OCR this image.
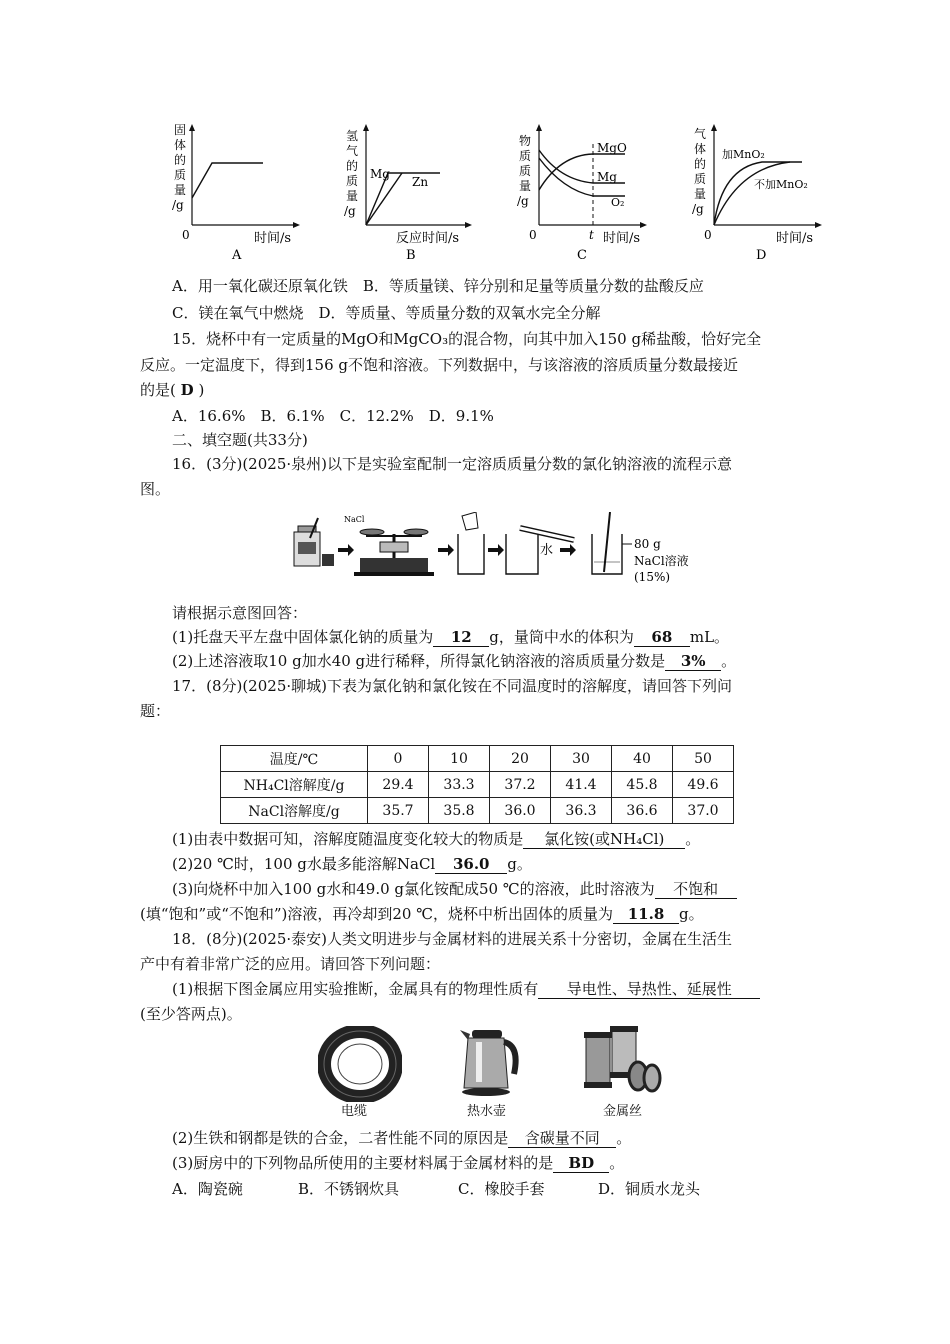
固
体
的
质
量
/g
0	时间/s
A
氢
气
的
质
量
/g
Mg
Zn
反应时间/s
B
物
质
质
量
/g
MgO
Mg
O₂
0	t 时间/s
C
气
体
的
质
量
/g
加MnO₂
不加MnO₂
0	时间/s
D
A．用一氧化碳还原氧化铁　B．等质量镁、锌分别和足量等质量分数的盐酸反应
C．镁在氧气中燃烧　D．等质量、等质量分数的双氧水完全分解
15．烧杯中有一定质量的MgO和MgCO₃的混合物，向其中加入150 g稀盐酸，恰好完全
反应。一定温度下，得到156 g不饱和溶液。下列数据中，与该溶液的溶质质量分数最接近
的是( D )
A．16.6%　B．6.1%　C．12.2%　D．9.1%
二、填空题(共33分)
16．(3分)(2025·泉州)以下是实验室配制一定溶质质量分数的氯化钠溶液的流程示意
图。
NaCl
水	80 g
NaCl溶液
(15%)
请根据示意图回答：
(1)托盘天平左盘中固体氯化钠的质量为 12 g，量筒中水的体积为 68 mL。
(2)上述溶液取10 g加水40 g进行稀释，所得氯化钠溶液的溶质质量分数是 3% 。
17．(8分)(2025·聊城)下表为氯化钠和氯化铵在不同温度时的溶解度，请回答下列问
题：
温度/℃	0	10	20	30	40	50
NH₄Cl溶解度/g	29.4	33.3	37.2	41.4	45.8	49.6
NaCl溶解度/g	35.7	35.8	36.0	36.3	36.6	37.0
(1)由表中数据可知，溶解度随温度变化较大的物质是 氯化铵(或NH₄Cl) 。
(2)20 ℃时，100 g水最多能溶解NaCl 36.0 g。
(3)向烧杯中加入100 g水和49.0 g氯化铵配成50 ℃的溶液，此时溶液为 不饱和
(填“饱和”或“不饱和”)溶液，再冷却到20 ℃，烧杯中析出固体的质量为 11.8 g。
18．(8分)(2025·泰安)人类文明进步与金属材料的进展关系十分密切，金属在生活生
产中有着非常广泛的应用。请回答下列问题：
(1)根据下图金属应用实验推断，金属具有的物理性质有 导电性、导热性、延展性
(至少答两点)。
电缆	热水壶	金属丝
(2)生铁和钢都是铁的合金，二者性能不同的原因是 含碳量不同 。
(3)厨房中的下列物品所使用的主要材料属于金属材料的是 BD 。
A．陶瓷碗	B．不锈钢炊具	C．橡胶手套	D．铜质水龙头
